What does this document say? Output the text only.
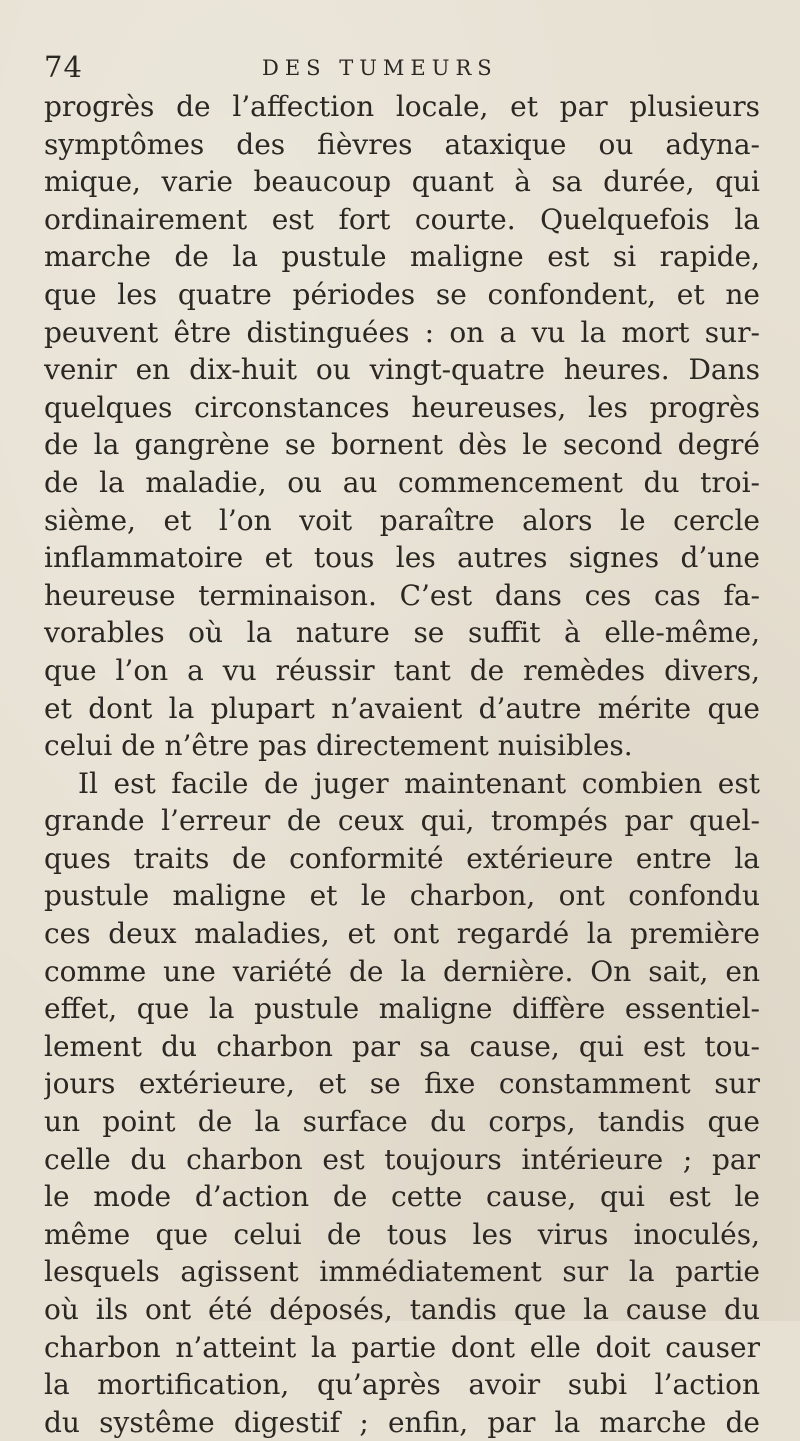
74	DES TUMEURS
progrès de l’affection locale, et par plusieurs
symptômes des fièvres ataxique ou adyna-
mique, varie beaucoup quant à sa durée, qui
ordinairement est fort courte. Quelquefois la
marche de la pustule maligne est si rapide,
que les quatre périodes se confondent, et ne
peuvent être distinguées : on a vu la mort sur-
venir en dix-huit ou vingt-quatre heures. Dans
quelques circonstances heureuses, les progrès
de la gangrène se bornent dès le second degré
de la maladie, ou au commencement du troi-
sième, et l’on voit paraître alors le cercle
inflammatoire et tous les autres signes d’une
heureuse terminaison. C’est dans ces cas fa-
vorables où la nature se suffit à elle-même,
que l’on a vu réussir tant de remèdes divers,
et dont la plupart n’avaient d’autre mérite que
celui de n’être pas directement nuisibles.
Il est facile de juger maintenant combien est
grande l’erreur de ceux qui, trompés par quel-
ques traits de conformité extérieure entre la
pustule maligne et le charbon, ont confondu
ces deux maladies, et ont regardé la première
comme une variété de la dernière. On sait, en
effet, que la pustule maligne diffère essentiel-
lement du charbon par sa cause, qui est tou-
jours extérieure, et se fixe constamment sur
un point de la surface du corps, tandis que
celle du charbon est toujours intérieure ; par
le mode d’action de cette cause, qui est le
même que celui de tous les virus inoculés,
lesquels agissent immédiatement sur la partie
où ils ont été déposés, tandis que la cause du
charbon n’atteint la partie dont elle doit causer
la mortification, qu’après avoir subi l’action
du systême digestif ; enfin, par la marche de
